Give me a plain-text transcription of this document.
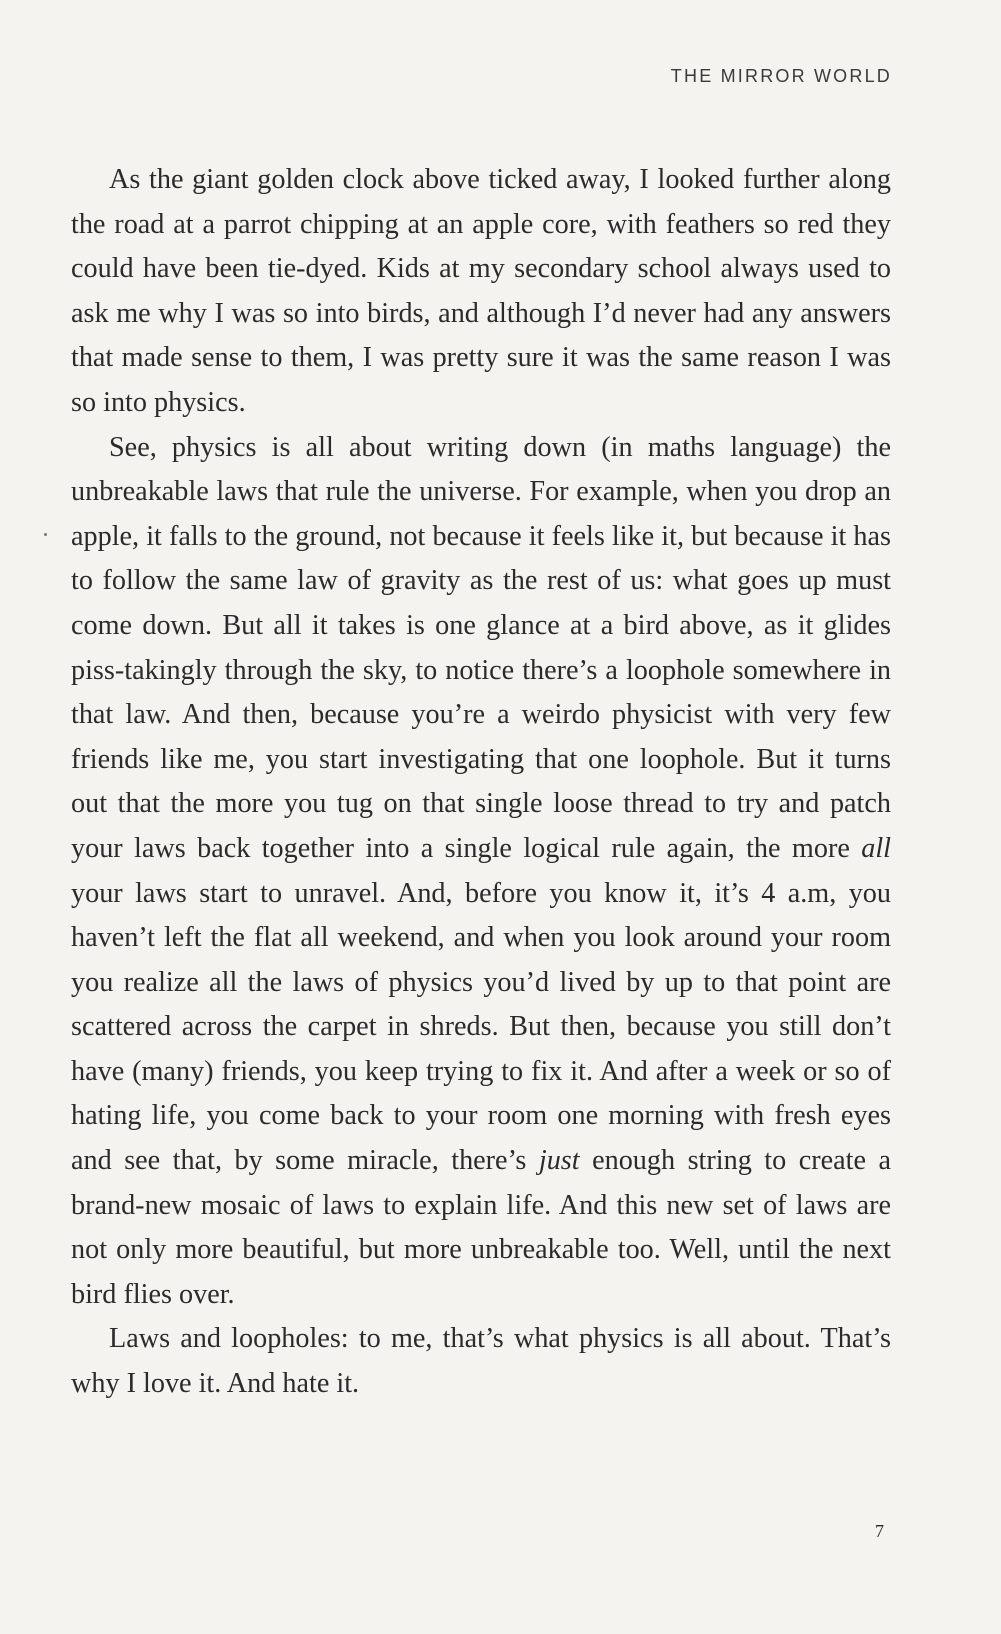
THE MIRROR WORLD

As the giant golden clock above ticked away, I looked further along the road at a parrot chipping at an apple core, with feathers so red they could have been tie-dyed. Kids at my secondary school always used to ask me why I was so into birds, and although I’d never had any answers that made sense to them, I was pretty sure it was the same reason I was so into physics.

See, physics is all about writing down (in maths language) the unbreakable laws that rule the universe. For example, when you drop an apple, it falls to the ground, not because it feels like it, but because it has to follow the same law of gravity as the rest of us: what goes up must come down. But all it takes is one glance at a bird above, as it glides piss-takingly through the sky, to notice there’s a loophole somewhere in that law. And then, because you’re a weirdo physicist with very few friends like me, you start investigating that one loophole. But it turns out that the more you tug on that single loose thread to try and patch your laws back together into a single logical rule again, the more all your laws start to unravel. And, before you know it, it’s 4 a.m, you haven’t left the flat all weekend, and when you look around your room you realize all the laws of physics you’d lived by up to that point are scattered across the carpet in shreds. But then, because you still don’t have (many) friends, you keep trying to fix it. And after a week or so of hating life, you come back to your room one morning with fresh eyes and see that, by some miracle, there’s just enough string to create a brand-new mosaic of laws to explain life. And this new set of laws are not only more beautiful, but more unbreakable too. Well, until the next bird flies over.

Laws and loopholes: to me, that’s what physics is all about. That’s why I love it. And hate it.

7
